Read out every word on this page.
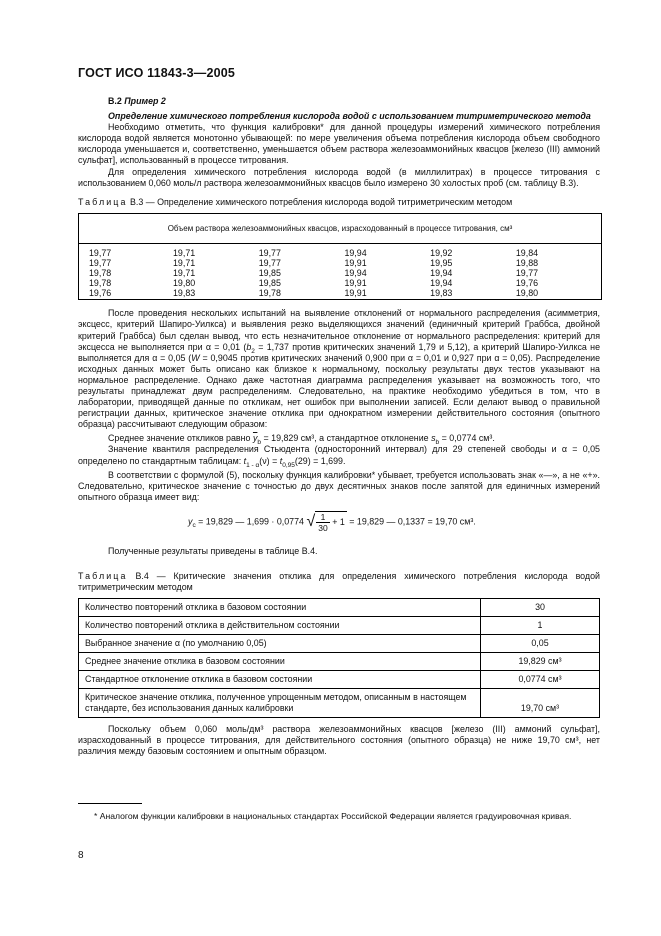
ГОСТ ИСО 11843-3—2005

В.2 Пример 2

Определение химического потребления кислорода водой с использованием титриметрического метода

Необходимо отметить, что функция калибровки* для данной процедуры измерений химического потребления кислорода водой является монотонно убывающей: по мере увеличения объема потребления кислорода объем свободного кислорода уменьшается и, соответственно, уменьшается объем раствора железоаммонийных квасцов [железо (III) аммоний сульфат], использованный в процессе титрования.

Для определения химического потребления кислорода водой (в миллилитрах) в процессе титрования с использованием 0,060 моль/л раствора железоаммонийных квасцов было измерено 30 холостых проб (см. таблицу В.3).

Таблица В.3 — Определение химического потребления кислорода водой титриметрическим методом

Объем раствора железоаммонийных квасцов, израсходованный в процессе титрования, см³					
19,77	19,71	19,77	19,94	19,92	19,84
19,77	19,71	19,77	19,91	19,95	19,88
19,78	19,71	19,85	19,94	19,94	19,77
19,78	19,80	19,85	19,91	19,94	19,76
19,76	19,83	19,78	19,91	19,83	19,80

После проведения нескольких испытаний на выявление отклонений от нормального распределения (асимметрия, эксцесс, критерий Шапиро-Уилкса) и выявления резко выделяющихся значений (единичный критерий Граббса, двойной критерий Граббса) был сделан вывод, что есть незначительное отклонение от нормального распределения: критерий для эксцесса не выполняется при α = 0,01 ($b_2 = 1,737$ против критических значений 1,79 и 5,12), а критерий Шапиро-Уилкса не выполняется для α = 0,05 (W = 0,9045 против критических значений 0,900 при α = 0,01 и 0,927 при α = 0,05). Распределение исходных данных может быть описано как близкое к нормальному, поскольку результаты двух тестов указывают на нормальное распределение. Однако даже частотная диаграмма распределения указывает на возможность того, что результаты принадлежат двум распределениям. Следовательно, на практике необходимо убедиться в том, что в лаборатории, приводящей данные по откликам, нет ошибок при выполнении записей. Если делают вывод о правильной регистрации данных, критическое значение отклика при однократном измерении действительного состояния (опытного образца) рассчитывают следующим образом:

Среднее значение откликов равно $\overline{y}_b = 19,829$ см³, а стандартное отклонение $s_b = 0,0774$ см³.

Значение квантиля распределения Стьюдента (односторонний интервал) для 29 степеней свободы и α = 0,05 определено по стандартным таблицам: $t_{1 - \alpha}(\nu) = t_{0,95}(29) = 1,699$.

В соответствии с формулой (5), поскольку функция калибровки* убывает, требуется использовать знак «—», а не «+». Следовательно, критическое значение с точностью до двух десятичных знаков после запятой для единичных измерений опытного образца имеет вид:

$y_c = 19,829$ — 1,699 · 0,0774 √ $\frac{1}{30} + 1 = 19,829$ — 0,1337 = 19,70 см³.

Полученные результаты приведены в таблице В.4.

Таблица В.4 — Критические значения отклика для определения химического потребления кислорода водой титриметрическим методом

Количество повторений отклика в базовом состоянии	30
Количество повторений отклика в действительном состоянии	1
Выбранное значение α (по умолчанию 0,05)	0,05
Среднее значение отклика в базовом состоянии	19,829 см³
Стандартное отклонение отклика в базовом состоянии	0,0774 см³
Критическое значение отклика, полученное упрощенным методом, описанным в настоящем стандарте, без использования данных калибровки	19,70 см³

Поскольку объем 0,060 моль/дм³ раствора железоаммонийных квасцов [железо (III) аммоний сульфат], израсходованный в процессе титрования, для действительного состояния (опытного образца) не ниже 19,70 см³, нет различия между базовым состоянием и опытным образцом.

* Аналогом функции калибровки в национальных стандартах Российской Федерации является градуировочная кривая.
8
